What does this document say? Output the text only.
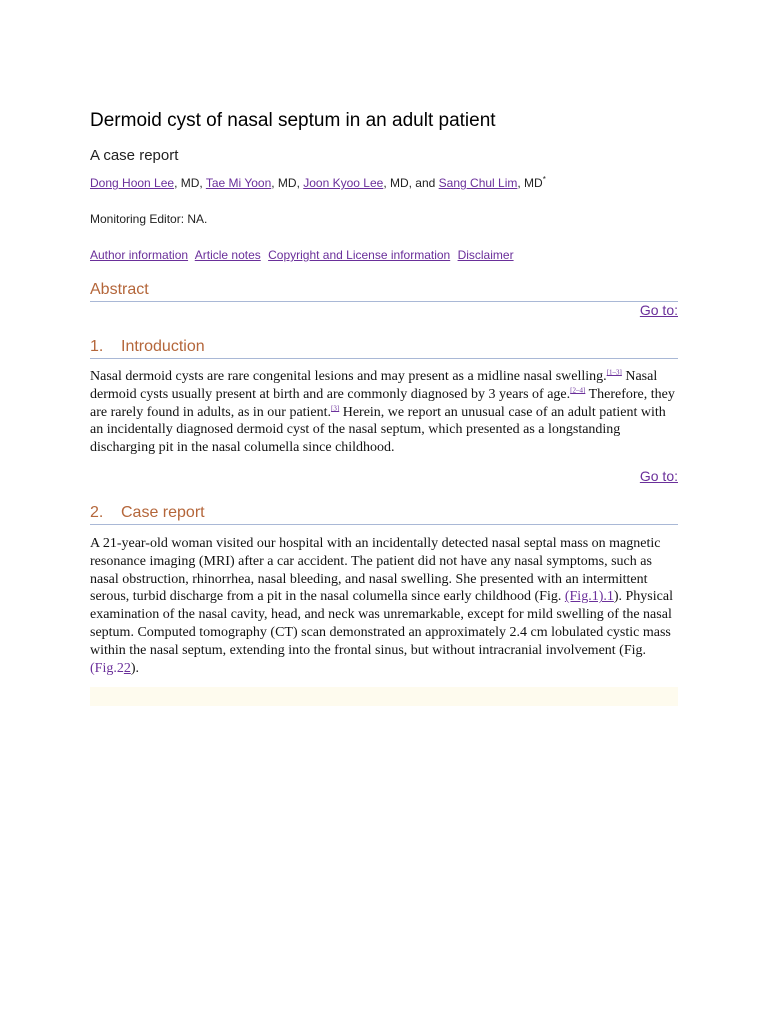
Dermoid cyst of nasal septum in an adult patient
A case report
Dong Hoon Lee, MD, Tae Mi Yoon, MD, Joon Kyoo Lee, MD, and Sang Chul Lim, MD*
Monitoring Editor: NA.
Author information Article notes Copyright and License information Disclaimer
Abstract
Go to:
1. Introduction
Nasal dermoid cysts are rare congenital lesions and may present as a midline nasal swelling.[1–3] Nasal dermoid cysts usually present at birth and are commonly diagnosed by 3 years of age.[2–4] Therefore, they are rarely found in adults, as in our patient.[3] Herein, we report an unusual case of an adult patient with an incidentally diagnosed dermoid cyst of the nasal septum, which presented as a longstanding discharging pit in the nasal columella since childhood.
Go to:
2. Case report
A 21-year-old woman visited our hospital with an incidentally detected nasal septal mass on magnetic resonance imaging (MRI) after a car accident. The patient did not have any nasal symptoms, such as nasal obstruction, rhinorrhea, nasal bleeding, and nasal swelling. She presented with an intermittent serous, turbid discharge from a pit in the nasal columella since early childhood (Fig. (Fig.1).1). Physical examination of the nasal cavity, head, and neck was unremarkable, except for mild swelling of the nasal septum. Computed tomography (CT) scan demonstrated an approximately 2.4 cm lobulated cystic mass within the nasal septum, extending into the frontal sinus, but without intracranial involvement (Fig. (Fig.22).
